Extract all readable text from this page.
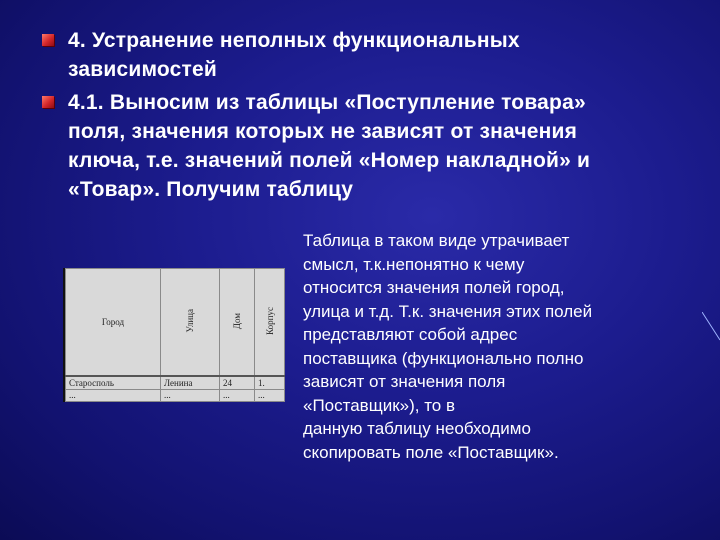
4. Устранение неполных функциональных
зависимостей
4.1. Выносим из таблицы «Поступление товара»
поля, значения которых не зависят от значения
ключа, т.е. значений полей «Номер накладной» и
«Товар». Получим таблицу
Город	Улица	Дом	Корпус
Старосполь	Ленина	24	1.
...	...	...	...
Таблица в таком виде утрачивает
смысл, т.к.непонятно к чему
относится значения полей город,
улица и т.д. Т.к. значения этих полей
представляют собой адрес
поставщика (функционально полно
зависят от значения поля
«Поставщик»), то в
данную таблицу необходимо
скопировать поле «Поставщик».
